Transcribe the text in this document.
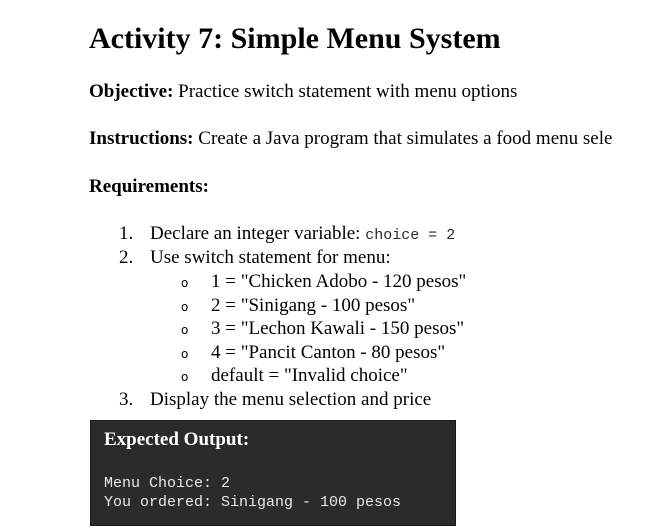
Activity 7: Simple Menu System

Objective: Practice switch statement with menu options

Instructions: Create a Java program that simulates a food menu sele

Requirements:

1. Declare an integer variable: choice = 2
2. Use switch statement for menu:
o 1 = "Chicken Adobo - 120 pesos"
o 2 = "Sinigang - 100 pesos"
o 3 = "Lechon Kawali - 150 pesos"
o 4 = "Pancit Canton - 80 pesos"
o default = "Invalid choice"
3. Display the menu selection and price
Expected Output:
Menu Choice: 2
You ordered: Sinigang - 100 pesos
